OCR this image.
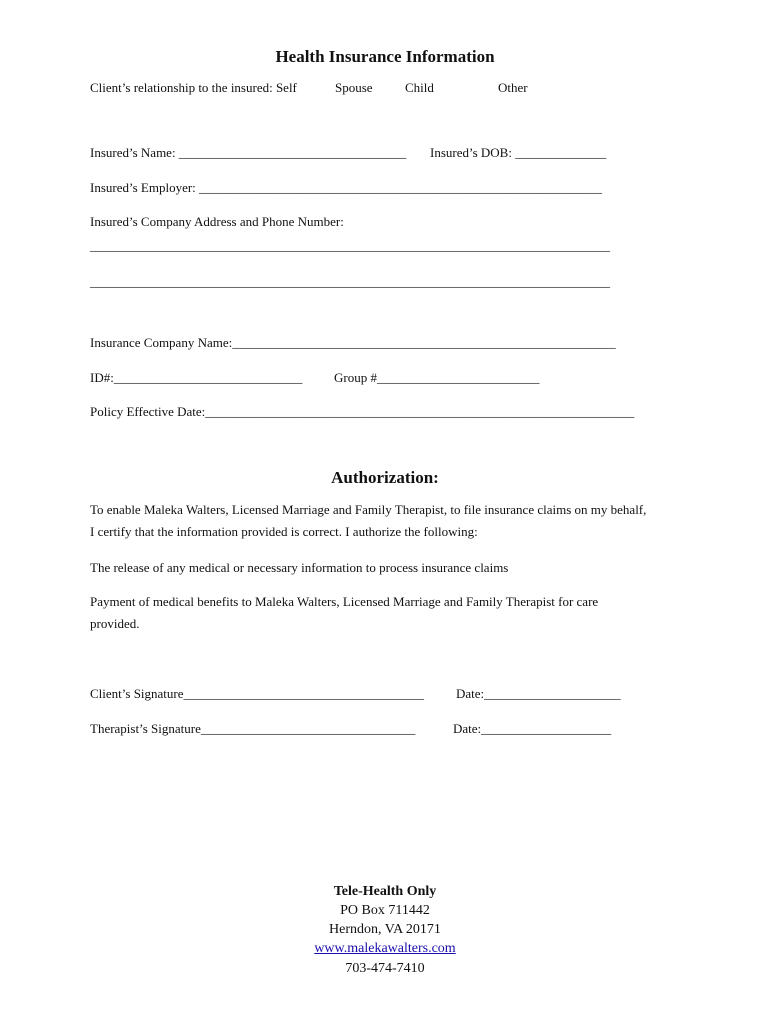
Health Insurance Information
Client’s relationship to the insured: Self	Spouse Child	Other
Insured’s Name: ___________________________________ Insured’s DOB: ______________
Insured’s Employer: ______________________________________________________________
Insured’s Company Address and Phone Number:
________________________________________________________________________________
________________________________________________________________________________
Insurance Company Name:___________________________________________________________
ID#:_____________________________ Group #_________________________
Policy Effective Date:__________________________________________________________________
Authorization:
To enable Maleka Walters, Licensed Marriage and Family Therapist, to file insurance claims on my behalf, I certify that the information provided is correct. I authorize the following:
The release of any medical or necessary information to process insurance claims
Payment of medical benefits to Maleka Walters, Licensed Marriage and Family Therapist for care provided.
Client’s Signature_____________________________________ Date:_____________________
Therapist’s Signature_________________________________	Date:____________________
Tele-Health Only
PO Box 711442
Herndon, VA 20171
www.malekawalters.com
703-474-7410
